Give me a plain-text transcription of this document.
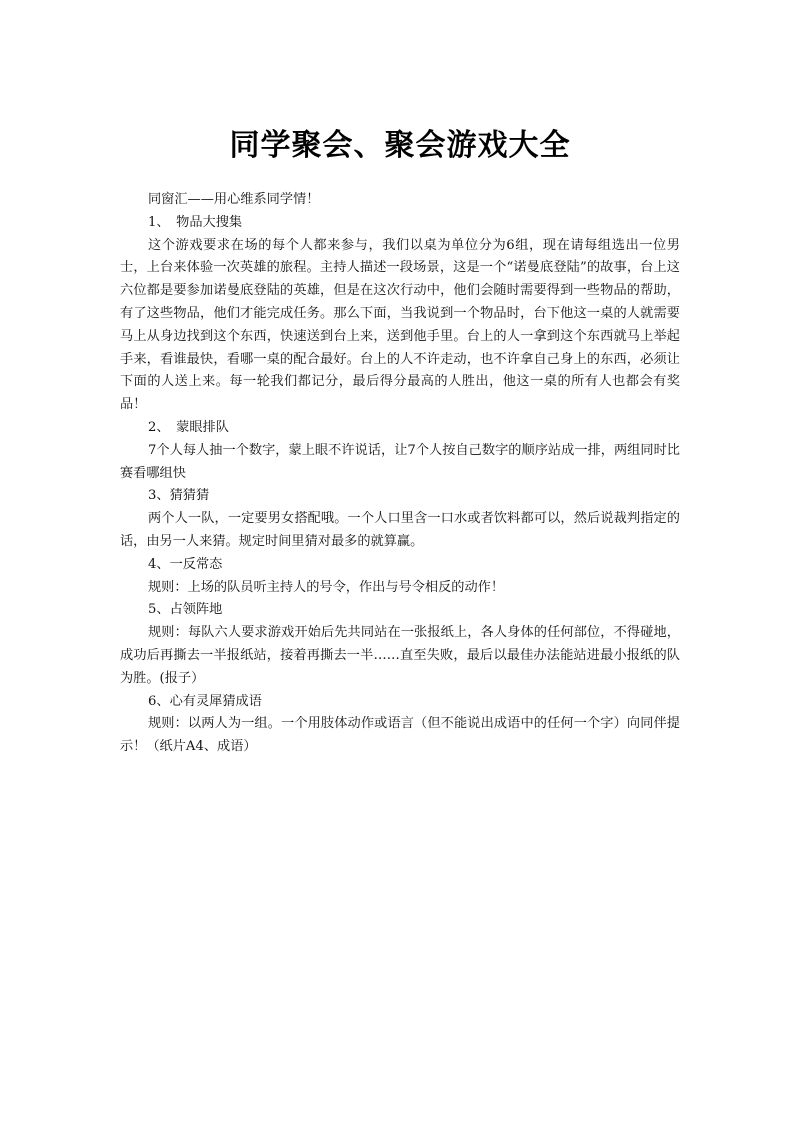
同学聚会、聚会游戏大全

同窗汇——用心维系同学情！

1、　物品大搜集

这个游戏要求在场的每个人都来参与，我们以桌为单位分为6组，现在请每组选出一位男士，上台来体验一次英雄的旅程。主持人描述一段场景，这是一个“诺曼底登陆”的故事，台上这六位都是要参加诺曼底登陆的英雄，但是在这次行动中，他们会随时需要得到一些物品的帮助，有了这些物品，他们才能完成任务。那么下面，当我说到一个物品时，台下他这一桌的人就需要马上从身边找到这个东西，快速送到台上来，送到他手里。台上的人一拿到这个东西就马上举起手来，看谁最快，看哪一桌的配合最好。台上的人不许走动，也不许拿自己身上的东西，必须让下面的人送上来。每一轮我们都记分，最后得分最高的人胜出，他这一桌的所有人也都会有奖品！

2、　蒙眼排队

7个人每人抽一个数字，蒙上眼不许说话，让7个人按自己数字的顺序站成一排，两组同时比赛看哪组快

3、猜猜猜

两个人一队，一定要男女搭配哦。一个人口里含一口水或者饮料都可以，然后说裁判指定的话，由另一人来猜。规定时间里猜对最多的就算赢。

4、一反常态

规则：上场的队员听主持人的号令，作出与号令相反的动作！

5、占领阵地

规则：每队六人要求游戏开始后先共同站在一张报纸上，各人身体的任何部位，不得碰地，成功后再撕去一半报纸站，接着再撕去一半……直至失败，最后以最佳办法能站进最小报纸的队为胜。(报子）

6、心有灵犀猜成语

规则：以两人为一组。一个用肢体动作或语言（但不能说出成语中的任何一个字）向同伴提示！（纸片A4、成语）
